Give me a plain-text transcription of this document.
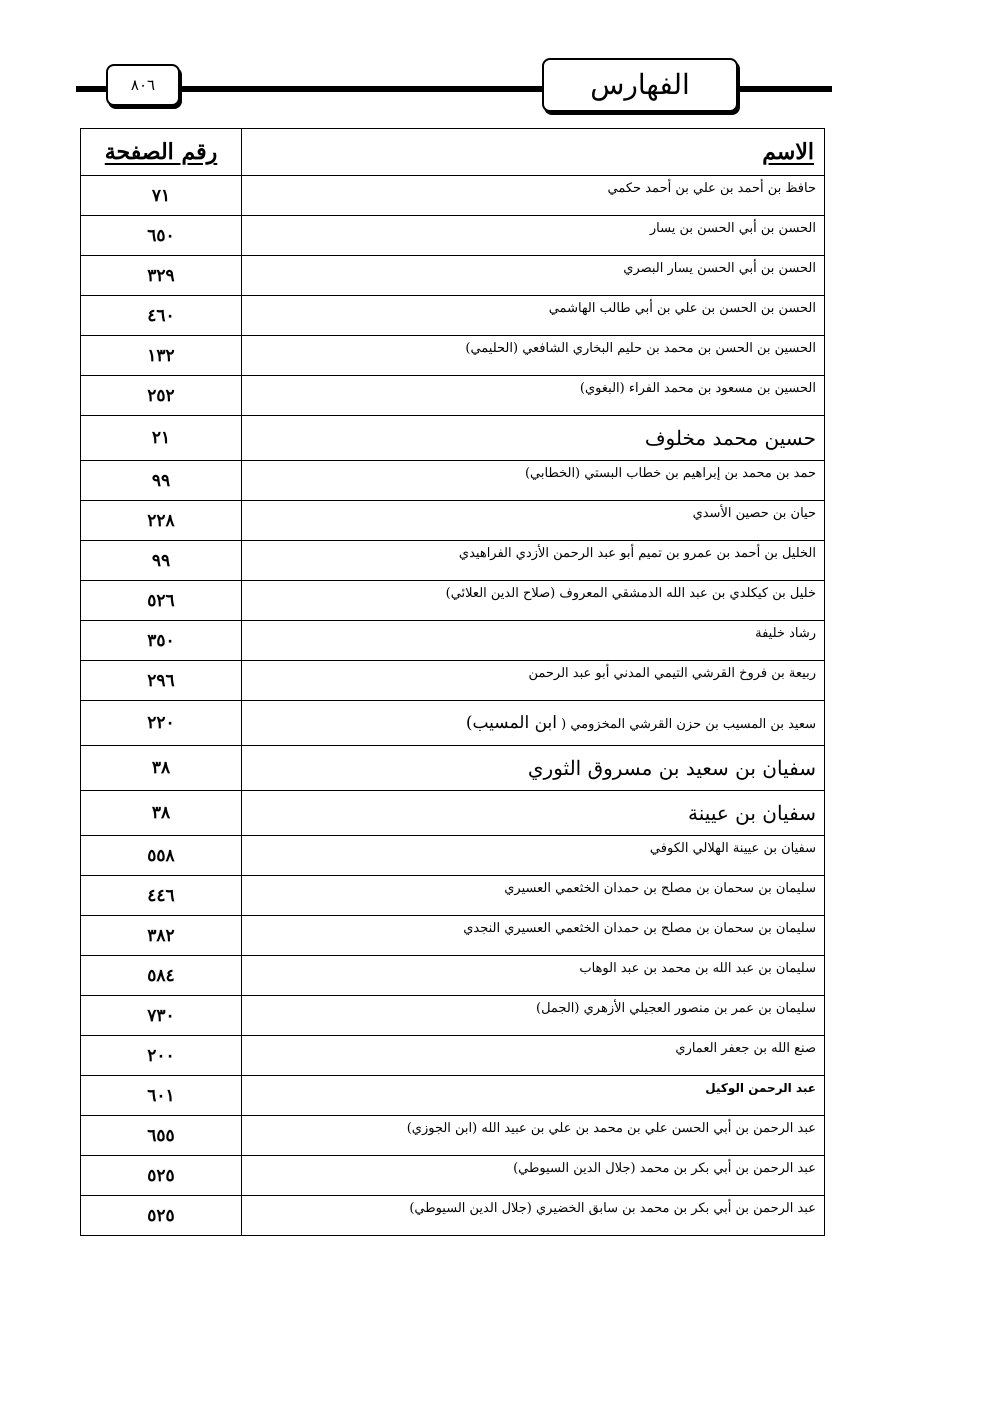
الفهارس
٨٠٦
الاسم	رقم الصفحة
حافظ بن أحمد بن علي بن أحمد حكمي	٧١
الحسن بن أبي الحسن بن يسار	٦٥٠
الحسن بن أبي الحسن يسار البصري	٣٢٩
الحسن بن الحسن بن علي بن أبي طالب الهاشمي	٤٦٠
الحسين بن الحسن بن محمد بن حليم البخاري الشافعي (الحليمي)	١٣٢
الحسين بن مسعود بن محمد الفراء (البغوي)	٢٥٢
حسين محمد مخلوف	٢١
حمد بن محمد بن إبراهيم بن خطاب البستي (الخطابي)	٩٩
حيان بن حصين الأسدي	٢٢٨
الخليل بن أحمد بن عمرو بن تميم أبو عبد الرحمن الأزدي الفراهيدي	٩٩
خليل بن كيكلدي بن عبد الله الدمشقي المعروف (صلاح الدين العلائي)	٥٢٦
رشاد خليفة	٣٥٠
ربيعة بن فروخ القرشي التيمي المدني أبو عبد الرحمن	٢٩٦
سعيد بن المسيب بن حزن القرشي المخزومي ( ابن المسيب)	٢٢٠
سفيان بن سعيد بن مسروق الثوري	٣٨
سفيان بن عيينة	٣٨
سفيان بن عيينة الهلالي الكوفي	٥٥٨
سليمان بن سحمان بن مصلح بن حمدان الخثعمي العسيري	٤٤٦
سليمان بن سحمان بن مصلح بن حمدان الخثعمي العسيري النجدي	٣٨٢
سليمان بن عبد الله بن محمد بن عبد الوهاب	٥٨٤
سليمان بن عمر بن منصور العجيلي الأزهري (الجمل)	٧٣٠
صنع الله بن جعفر العماري	٢٠٠
عبد الرحمن الوكيل	٦٠١
عبد الرحمن بن أبي الحسن علي بن محمد بن علي بن عبيد الله (ابن الجوزي)	٦٥٥
عبد الرحمن بن أبي بكر بن محمد (جلال الدين السيوطي)	٥٢٥
عبد الرحمن بن أبي بكر بن محمد بن سابق الخضيري (جلال الدين السيوطي)	٥٢٥
